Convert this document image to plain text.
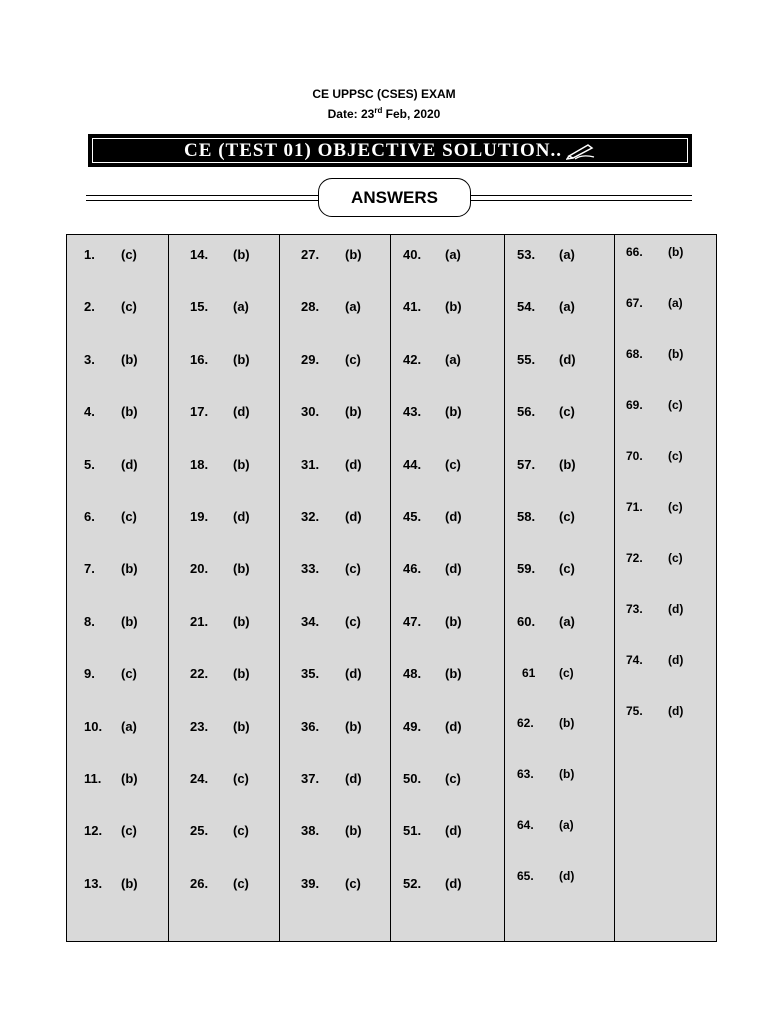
CE UPPSC (CSES) EXAM
Date: 23rd Feb, 2020
CE (TEST 01) OBJECTIVE SOLUTION..
ANSWERS
1. (c)
2. (c)
3. (b)
4. (b)
5. (d)
6. (c)
7. (b)
8. (b)
9. (c)
10. (a)
11. (b)
12. (c)
13. (b)
14. (b)
15. (a)
16. (b)
17. (d)
18. (b)
19. (d)
20. (b)
21. (b)
22. (b)
23. (b)
24. (c)
25. (c)
26. (c)
27. (b)
28. (a)
29. (c)
30. (b)
31. (d)
32. (d)
33. (c)
34. (c)
35. (d)
36. (b)
37. (d)
38. (b)
39. (c)
40. (a)
41. (b)
42. (a)
43. (b)
44. (c)
45. (d)
46. (d)
47. (b)
48. (b)
49. (d)
50. (c)
51. (d)
52. (d)
53. (a)
54. (a)
55. (d)
56. (c)
57. (b)
58. (c)
59. (c)
60. (a)
61 (c)
62. (b)
63. (b)
64. (a)
65. (d)
66. (b)
67. (a)
68. (b)
69. (c)
70. (c)
71. (c)
72. (c)
73. (d)
74. (d)
75. (d)
